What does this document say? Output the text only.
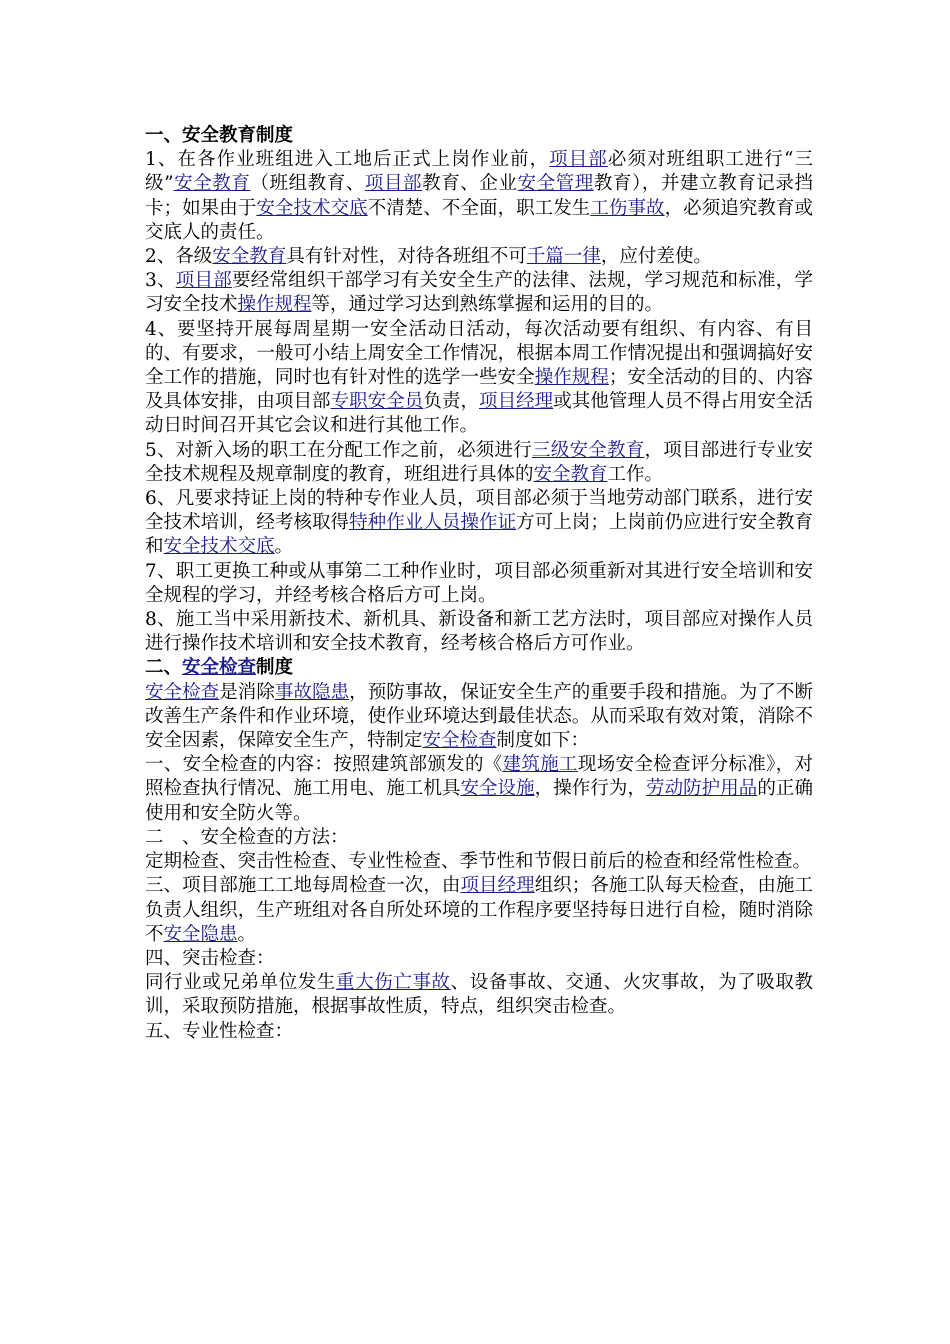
一、安全教育制度

1、在各作业班组进入工地后正式上岗作业前，项目部必须对班组职工进行“三级”安全教育（班组教育、项目部教育、企业安全管理教育），并建立教育记录挡卡；如果由于安全技术交底不清楚、不全面，职工发生工伤事故，必须追究教育或交底人的责任。

2、各级安全教育具有针对性，对待各班组不可千篇一律，应付差使。

3、项目部要经常组织干部学习有关安全生产的法律、法规，学习规范和标准，学习安全技术操作规程等，通过学习达到熟练掌握和运用的目的。

4、要坚持开展每周星期一安全活动日活动，每次活动要有组织、有内容、有目的、有要求，一般可小结上周安全工作情况，根据本周工作情况提出和强调搞好安全工作的措施，同时也有针对性的选学一些安全操作规程；安全活动的目的、内容及具体安排，由项目部专职安全员负责，项目经理或其他管理人员不得占用安全活动日时间召开其它会议和进行其他工作。

5、对新入场的职工在分配工作之前，必须进行三级安全教育，项目部进行专业安全技术规程及规章制度的教育，班组进行具体的安全教育工作。

6、凡要求持证上岗的特种专作业人员，项目部必须于当地劳动部门联系，进行安全技术培训，经考核取得特种作业人员操作证方可上岗；上岗前仍应进行安全教育和安全技术交底。

7、职工更换工种或从事第二工种作业时，项目部必须重新对其进行安全培训和安全规程的学习，并经考核合格后方可上岗。

8、施工当中采用新技术、新机具、新设备和新工艺方法时，项目部应对操作人员进行操作技术培训和安全技术教育，经考核合格后方可作业。

二、安全检查制度

安全检查是消除事故隐患，预防事故，保证安全生产的重要手段和措施。为了不断改善生产条件和作业环境，使作业环境达到最佳状态。从而采取有效对策，消除不安全因素，保障安全生产，特制定安全检查制度如下：

一、安全检查的内容：按照建筑部颁发的《建筑施工现场安全检查评分标准》，对照检查执行情况、施工用电、施工机具安全设施，操作行为，劳动防护用品的正确使用和安全防火等。

二　、安全检查的方法：

定期检查、突击性检查、专业性检查、季节性和节假日前后的检查和经常性检查。

三、项目部施工工地每周检查一次，由项目经理组织；各施工队每天检查，由施工负责人组织，生产班组对各自所处环境的工作程序要坚持每日进行自检，随时消除不安全隐患。

四、突击检查：

同行业或兄弟单位发生重大伤亡事故、设备事故、交通、火灾事故，为了吸取教训，采取预防措施，根据事故性质，特点，组织突击检查。

五、专业性检查：
